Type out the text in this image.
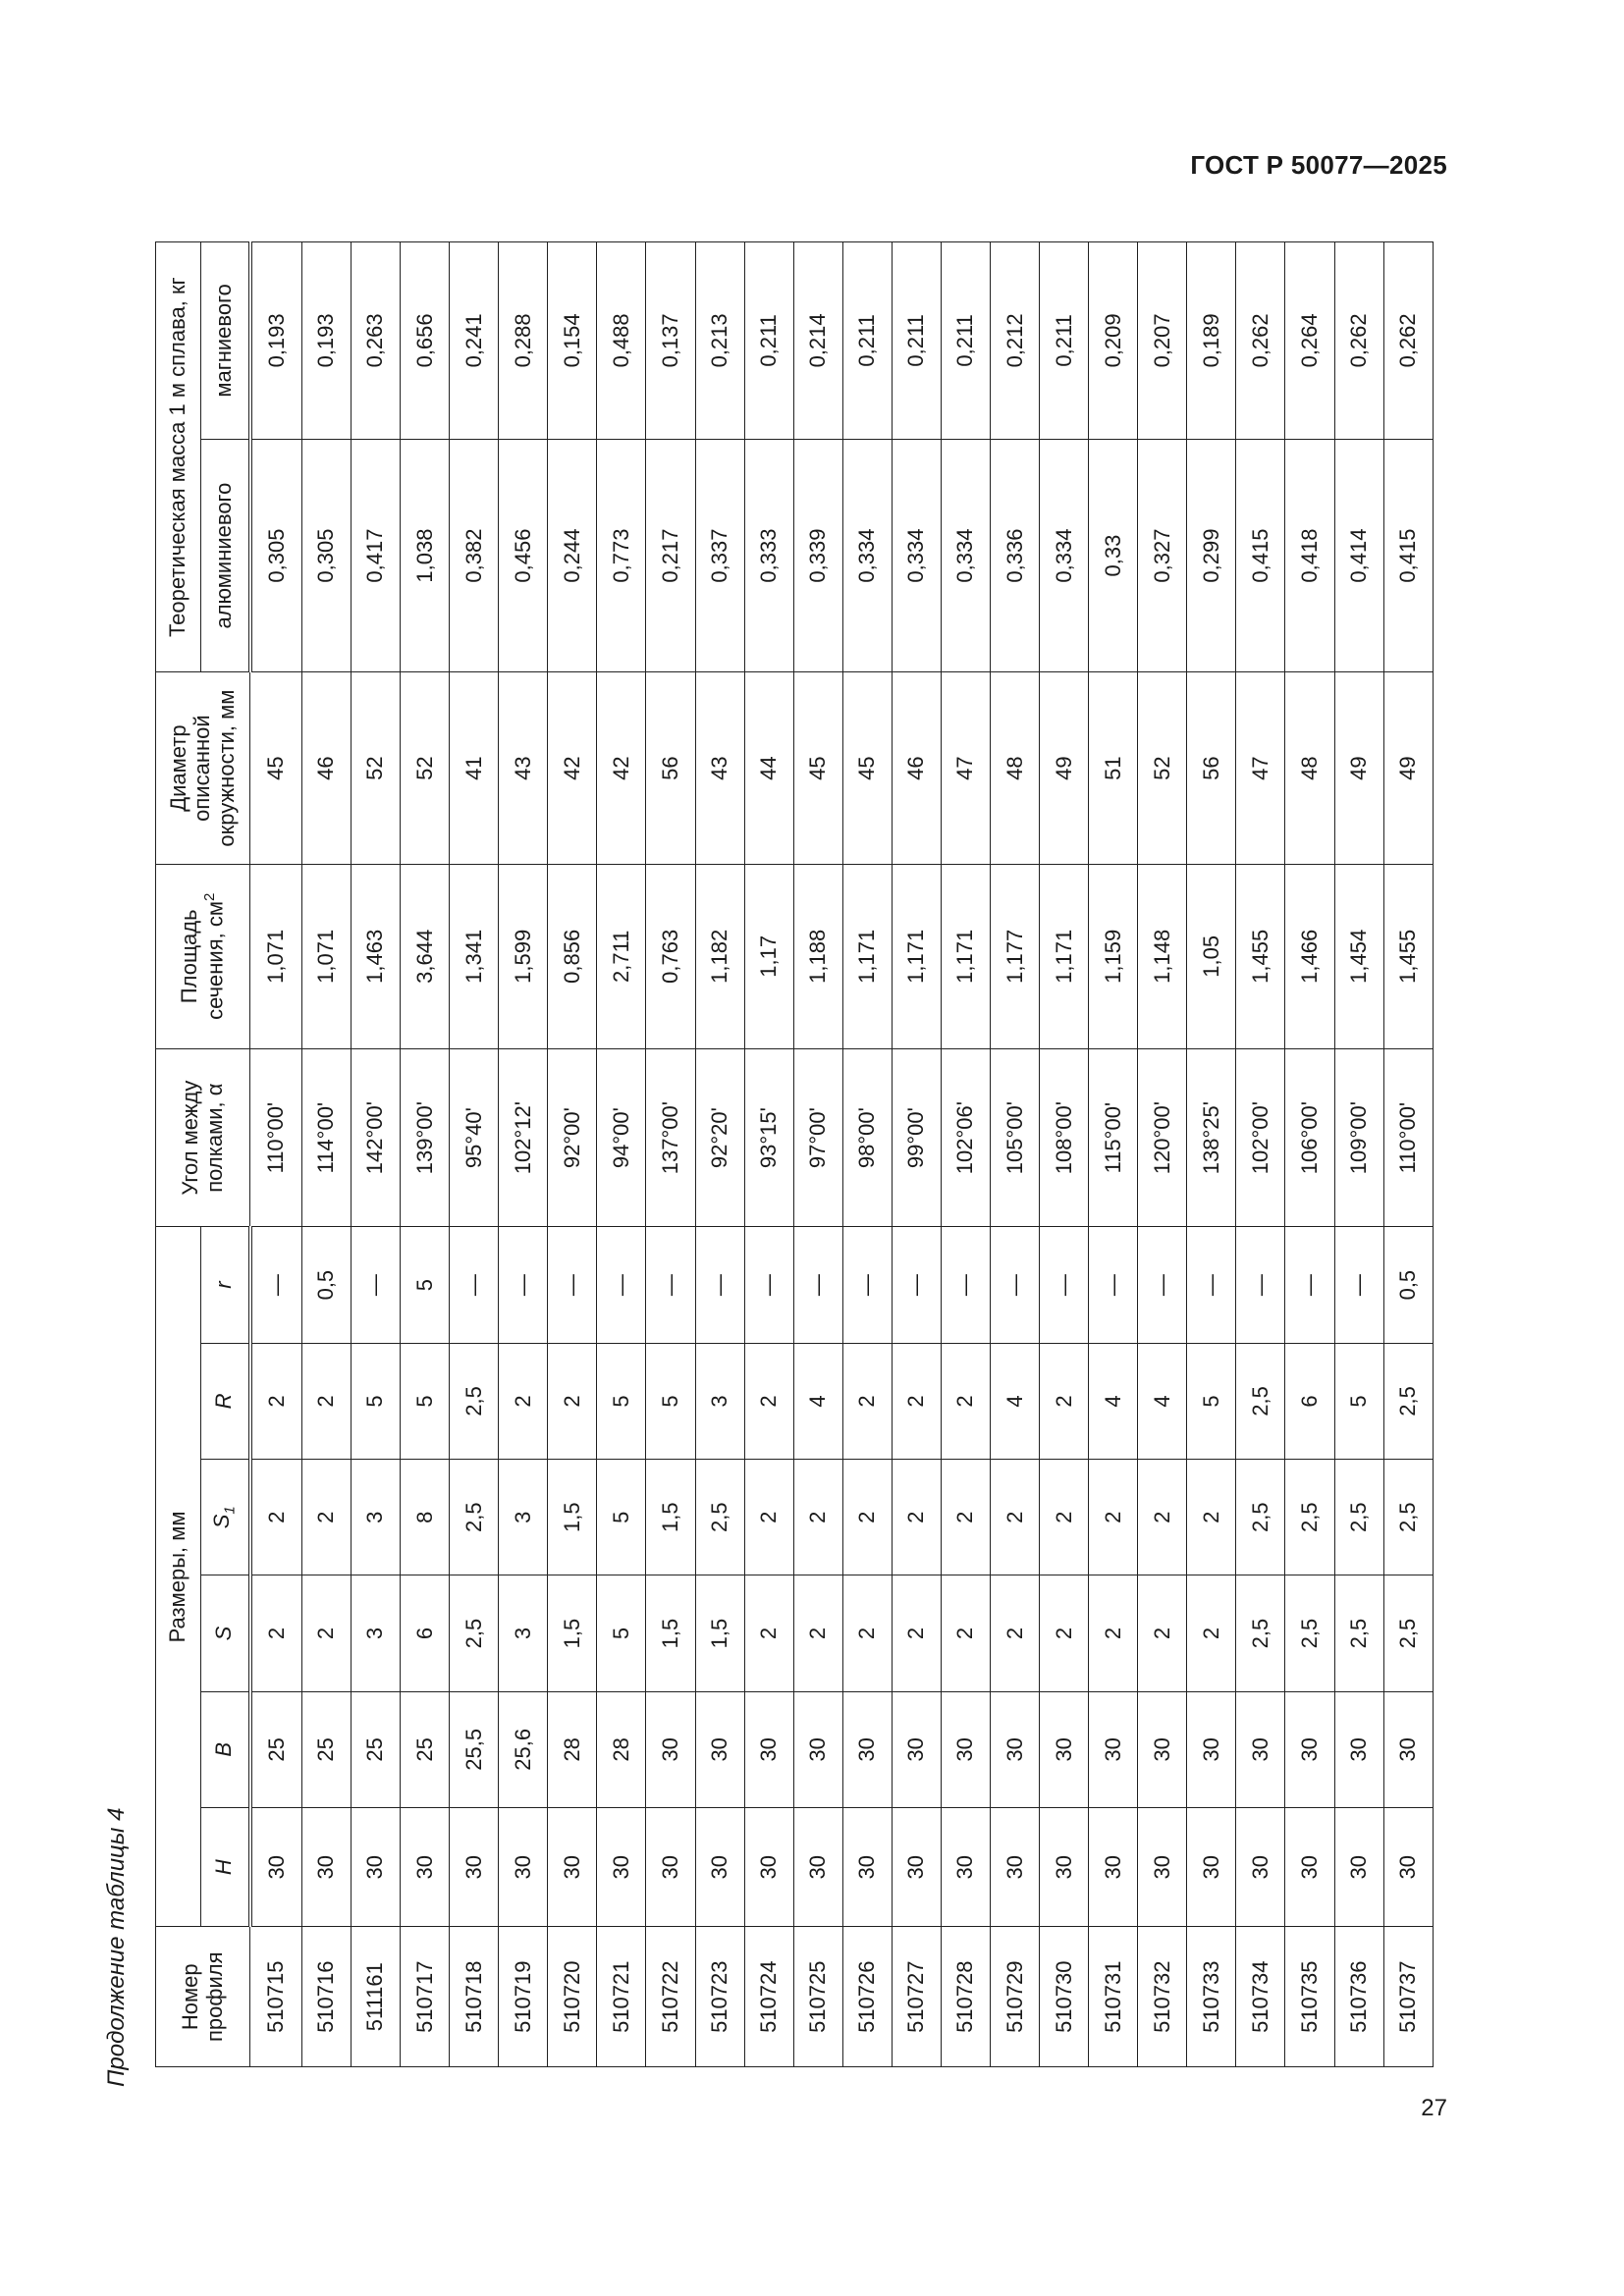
ГОСТ Р 50077—2025
27
Продолжение таблицы 4 Номер профиля	Размеры, мм						Угол между полками, α	Площадь сечения, $см^2$	Диаметр описанной окружности, мм	Теоретическая масса 1 м сплава, кг	
	H	B	S	$S_1$	R	r				алюминиевого	магниевого
510715	30	25	2	2	2	—	110°00'	1,071	45	0,305	0,193
510716	30	25	2	2	2	0,5	114°00'	1,071	46	0,305	0,193
511161	30	25	3	3	5	—	142°00'	1,463	52	0,417	0,263
510717	30	25	6	8	5	5	139°00'	3,644	52	1,038	0,656
510718	30	25,5	2,5	2,5	2,5	—	95°40'	1,341	41	0,382	0,241
510719	30	25,6	3	3	2	—	102°12'	1,599	43	0,456	0,288
510720	30	28	1,5	1,5	2	—	92°00'	0,856	42	0,244	0,154
510721	30	28	5	5	5	—	94°00'	2,711	42	0,773	0,488
510722	30	30	1,5	1,5	5	—	137°00'	0,763	56	0,217	0,137
510723	30	30	1,5	2,5	3	—	92°20'	1,182	43	0,337	0,213
510724	30	30	2	2	2	—	93°15'	1,17	44	0,333	0,211
510725	30	30	2	2	4	—	97°00'	1,188	45	0,339	0,214
510726	30	30	2	2	2	—	98°00'	1,171	45	0,334	0,211
510727	30	30	2	2	2	—	99°00'	1,171	46	0,334	0,211
510728	30	30	2	2	2	—	102°06'	1,171	47	0,334	0,211
510729	30	30	2	2	4	—	105°00'	1,177	48	0,336	0,212
510730	30	30	2	2	2	—	108°00'	1,171	49	0,334	0,211
510731	30	30	2	2	4	—	115°00'	1,159	51	0,33	0,209
510732	30	30	2	2	4	—	120°00'	1,148	52	0,327	0,207
510733	30	30	2	2	5	—	138°25'	1,05	56	0,299	0,189
510734	30	30	2,5	2,5	2,5	—	102°00'	1,455	47	0,415	0,262
510735	30	30	2,5	2,5	6	—	106°00'	1,466	48	0,418	0,264
510736	30	30	2,5	2,5	5	—	109°00'	1,454	49	0,414	0,262
510737	30	30	2,5	2,5	2,5	0,5	110°00'	1,455	49	0,415	0,262
